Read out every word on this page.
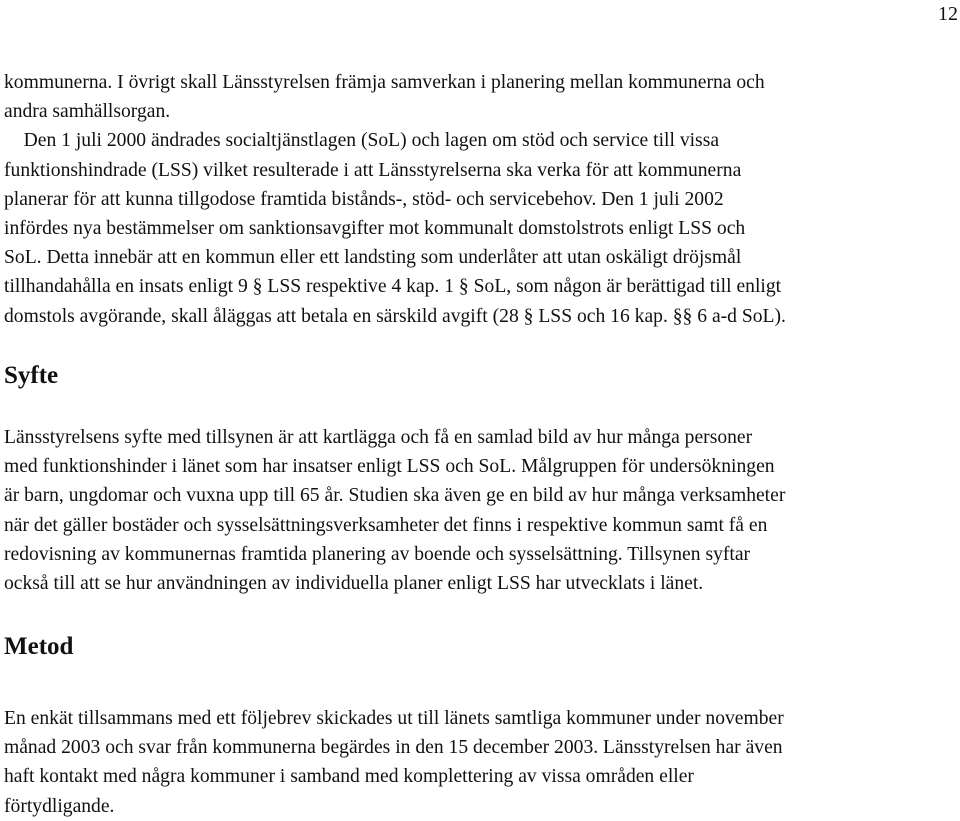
12
kommunerna. I övrigt skall Länsstyrelsen främja samverkan i planering mellan kommunerna och
andra samhällsorgan.
Den 1 juli 2000 ändrades socialtjänstlagen (SoL) och lagen om stöd och service till vissa
funktionshindrade (LSS) vilket resulterade i att Länsstyrelserna ska verka för att kommunerna
planerar för att kunna tillgodose framtida bistånds-, stöd- och servicebehov. Den 1 juli 2002
infördes nya bestämmelser om sanktionsavgifter mot kommunalt domstolstrots enligt LSS och
SoL. Detta innebär att en kommun eller ett landsting som underlåter att utan oskäligt dröjsmål
tillhandahålla en insats enligt 9 § LSS respektive 4 kap. 1 § SoL, som någon är berättigad till enligt
domstols avgörande, skall åläggas att betala en särskild avgift (28 § LSS och 16 kap. §§ 6 a-d SoL).
Syfte
Länsstyrelsens syfte med tillsynen är att kartlägga och få en samlad bild av hur många personer
med funktionshinder i länet som har insatser enligt LSS och SoL. Målgruppen för undersökningen
är barn, ungdomar och vuxna upp till 65 år. Studien ska även ge en bild av hur många verksamheter
när det gäller bostäder och sysselsättningsverksamheter det finns i respektive kommun samt få en
redovisning av kommunernas framtida planering av boende och sysselsättning. Tillsynen syftar
också till att se hur användningen av individuella planer enligt LSS har utvecklats i länet.
Metod
En enkät tillsammans med ett följebrev skickades ut till länets samtliga kommuner under november
månad 2003 och svar från kommunerna begärdes in den 15 december 2003. Länsstyrelsen har även
haft kontakt med några kommuner i samband med komplettering av vissa områden eller
förtydligande.
